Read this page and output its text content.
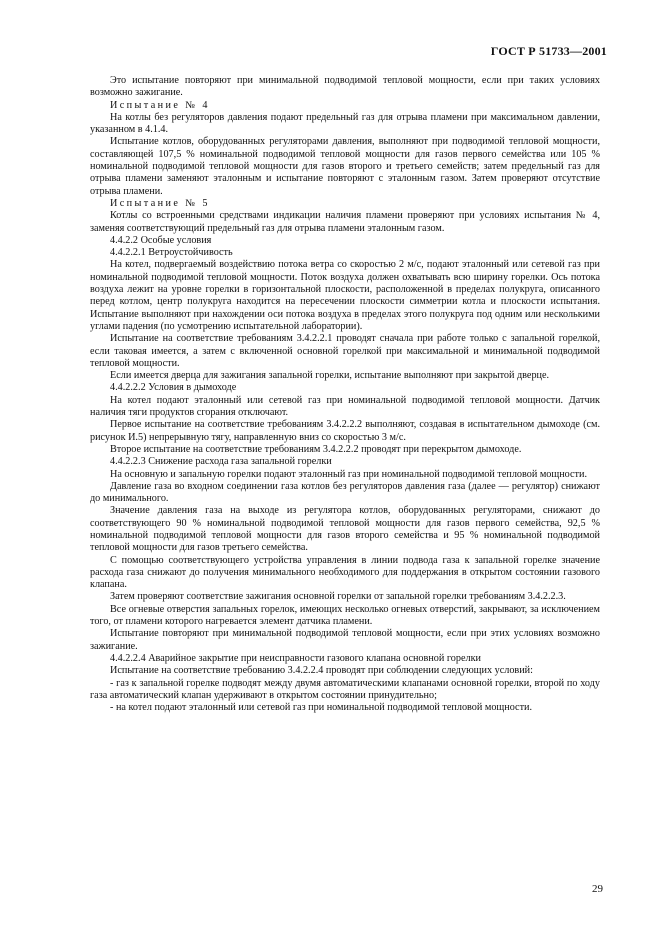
ГОСТ Р 51733—2001

Это испытание повторяют при минимальной подводимой тепловой мощности, если при таких условиях возможно зажигание.

Испытание № 4

На котлы без регуляторов давления подают предельный газ для отрыва пламени при максимальном давлении, указанном в 4.1.4.

Испытание котлов, оборудованных регуляторами давления, выполняют при подводимой тепловой мощности, составляющей 107,5 % номинальной подводимой тепловой мощности для газов первого семейства или 105 % номинальной подводимой тепловой мощности для газов второго и третьего семейств; затем предельный газ для отрыва пламени заменяют эталонным и испытание повторяют с эталонным газом. Затем проверяют отсутствие отрыва пламени.

Испытание № 5

Котлы со встроенными средствами индикации наличия пламени проверяют при условиях испытания № 4, заменяя соответствующий предельный газ для отрыва пламени эталонным газом.

4.4.2.2 Особые условия

4.4.2.2.1 Ветроустойчивость

На котел, подвергаемый воздействию потока ветра со скоростью 2 м/с, подают эталонный или сетевой газ при номинальной подводимой тепловой мощности. Поток воздуха должен охватывать всю ширину горелки. Ось потока воздуха лежит на уровне горелки в горизонтальной плоскости, расположенной в пределах полукруга, описанного перед котлом, центр полукруга находится на пересечении плоскости симметрии котла и плоскости испытания. Испытание выполняют при нахождении оси потока воздуха в пределах этого полукруга под одним или несколькими углами падения (по усмотрению испытательной лаборатории).

Испытание на соответствие требованиям 3.4.2.2.1 проводят сначала при работе только с запальной горелкой, если таковая имеется, а затем с включенной основной горелкой при максимальной и минимальной подводимой тепловой мощности.

Если имеется дверца для зажигания запальной горелки, испытание выполняют при закрытой дверце.

4.4.2.2.2 Условия в дымоходе

На котел подают эталонный или сетевой газ при номинальной подводимой тепловой мощности. Датчик наличия тяги продуктов сгорания отключают.

Первое испытание на соответствие требованиям 3.4.2.2.2 выполняют, создавая в испытательном дымоходе (см. рисунок И.5) непрерывную тягу, направленную вниз со скоростью 3 м/с.

Второе испытание на соответствие требованиям 3.4.2.2.2 проводят при перекрытом дымоходе.

4.4.2.2.3 Снижение расхода газа запальной горелки

На основную и запальную горелки подают эталонный газ при номинальной подводимой тепловой мощности.

Давление газа во входном соединении газа котлов без регуляторов давления газа (далее — регулятор) снижают до минимального.

Значение давления газа на выходе из регулятора котлов, оборудованных регуляторами, снижают до соответствующего 90 % номинальной подводимой тепловой мощности для газов первого семейства, 92,5 % номинальной подводимой тепловой мощности для газов второго семейства и 95 % номинальной подводимой тепловой мощности для газов третьего семейства.

С помощью соответствующего устройства управления в линии подвода газа к запальной горелке значение расхода газа снижают до получения минимального необходимого для поддержания в открытом состоянии газового клапана.

Затем проверяют соответствие зажигания основной горелки от запальной горелки требованиям 3.4.2.2.3.

Все огневые отверстия запальных горелок, имеющих несколько огневых отверстий, закрывают, за исключением того, от пламени которого нагревается элемент датчика пламени.

Испытание повторяют при минимальной подводимой тепловой мощности, если при этих условиях возможно зажигание.

4.4.2.2.4 Аварийное закрытие при неисправности газового клапана основной горелки

Испытание на соответствие требованию 3.4.2.2.4 проводят при соблюдении следующих условий:

- газ к запальной горелке подводят между двумя автоматическими клапанами основной горелки, второй по ходу газа автоматический клапан удерживают в открытом состоянии принудительно;

- на котел подают эталонный или сетевой газ при номинальной подводимой тепловой мощности.

29
